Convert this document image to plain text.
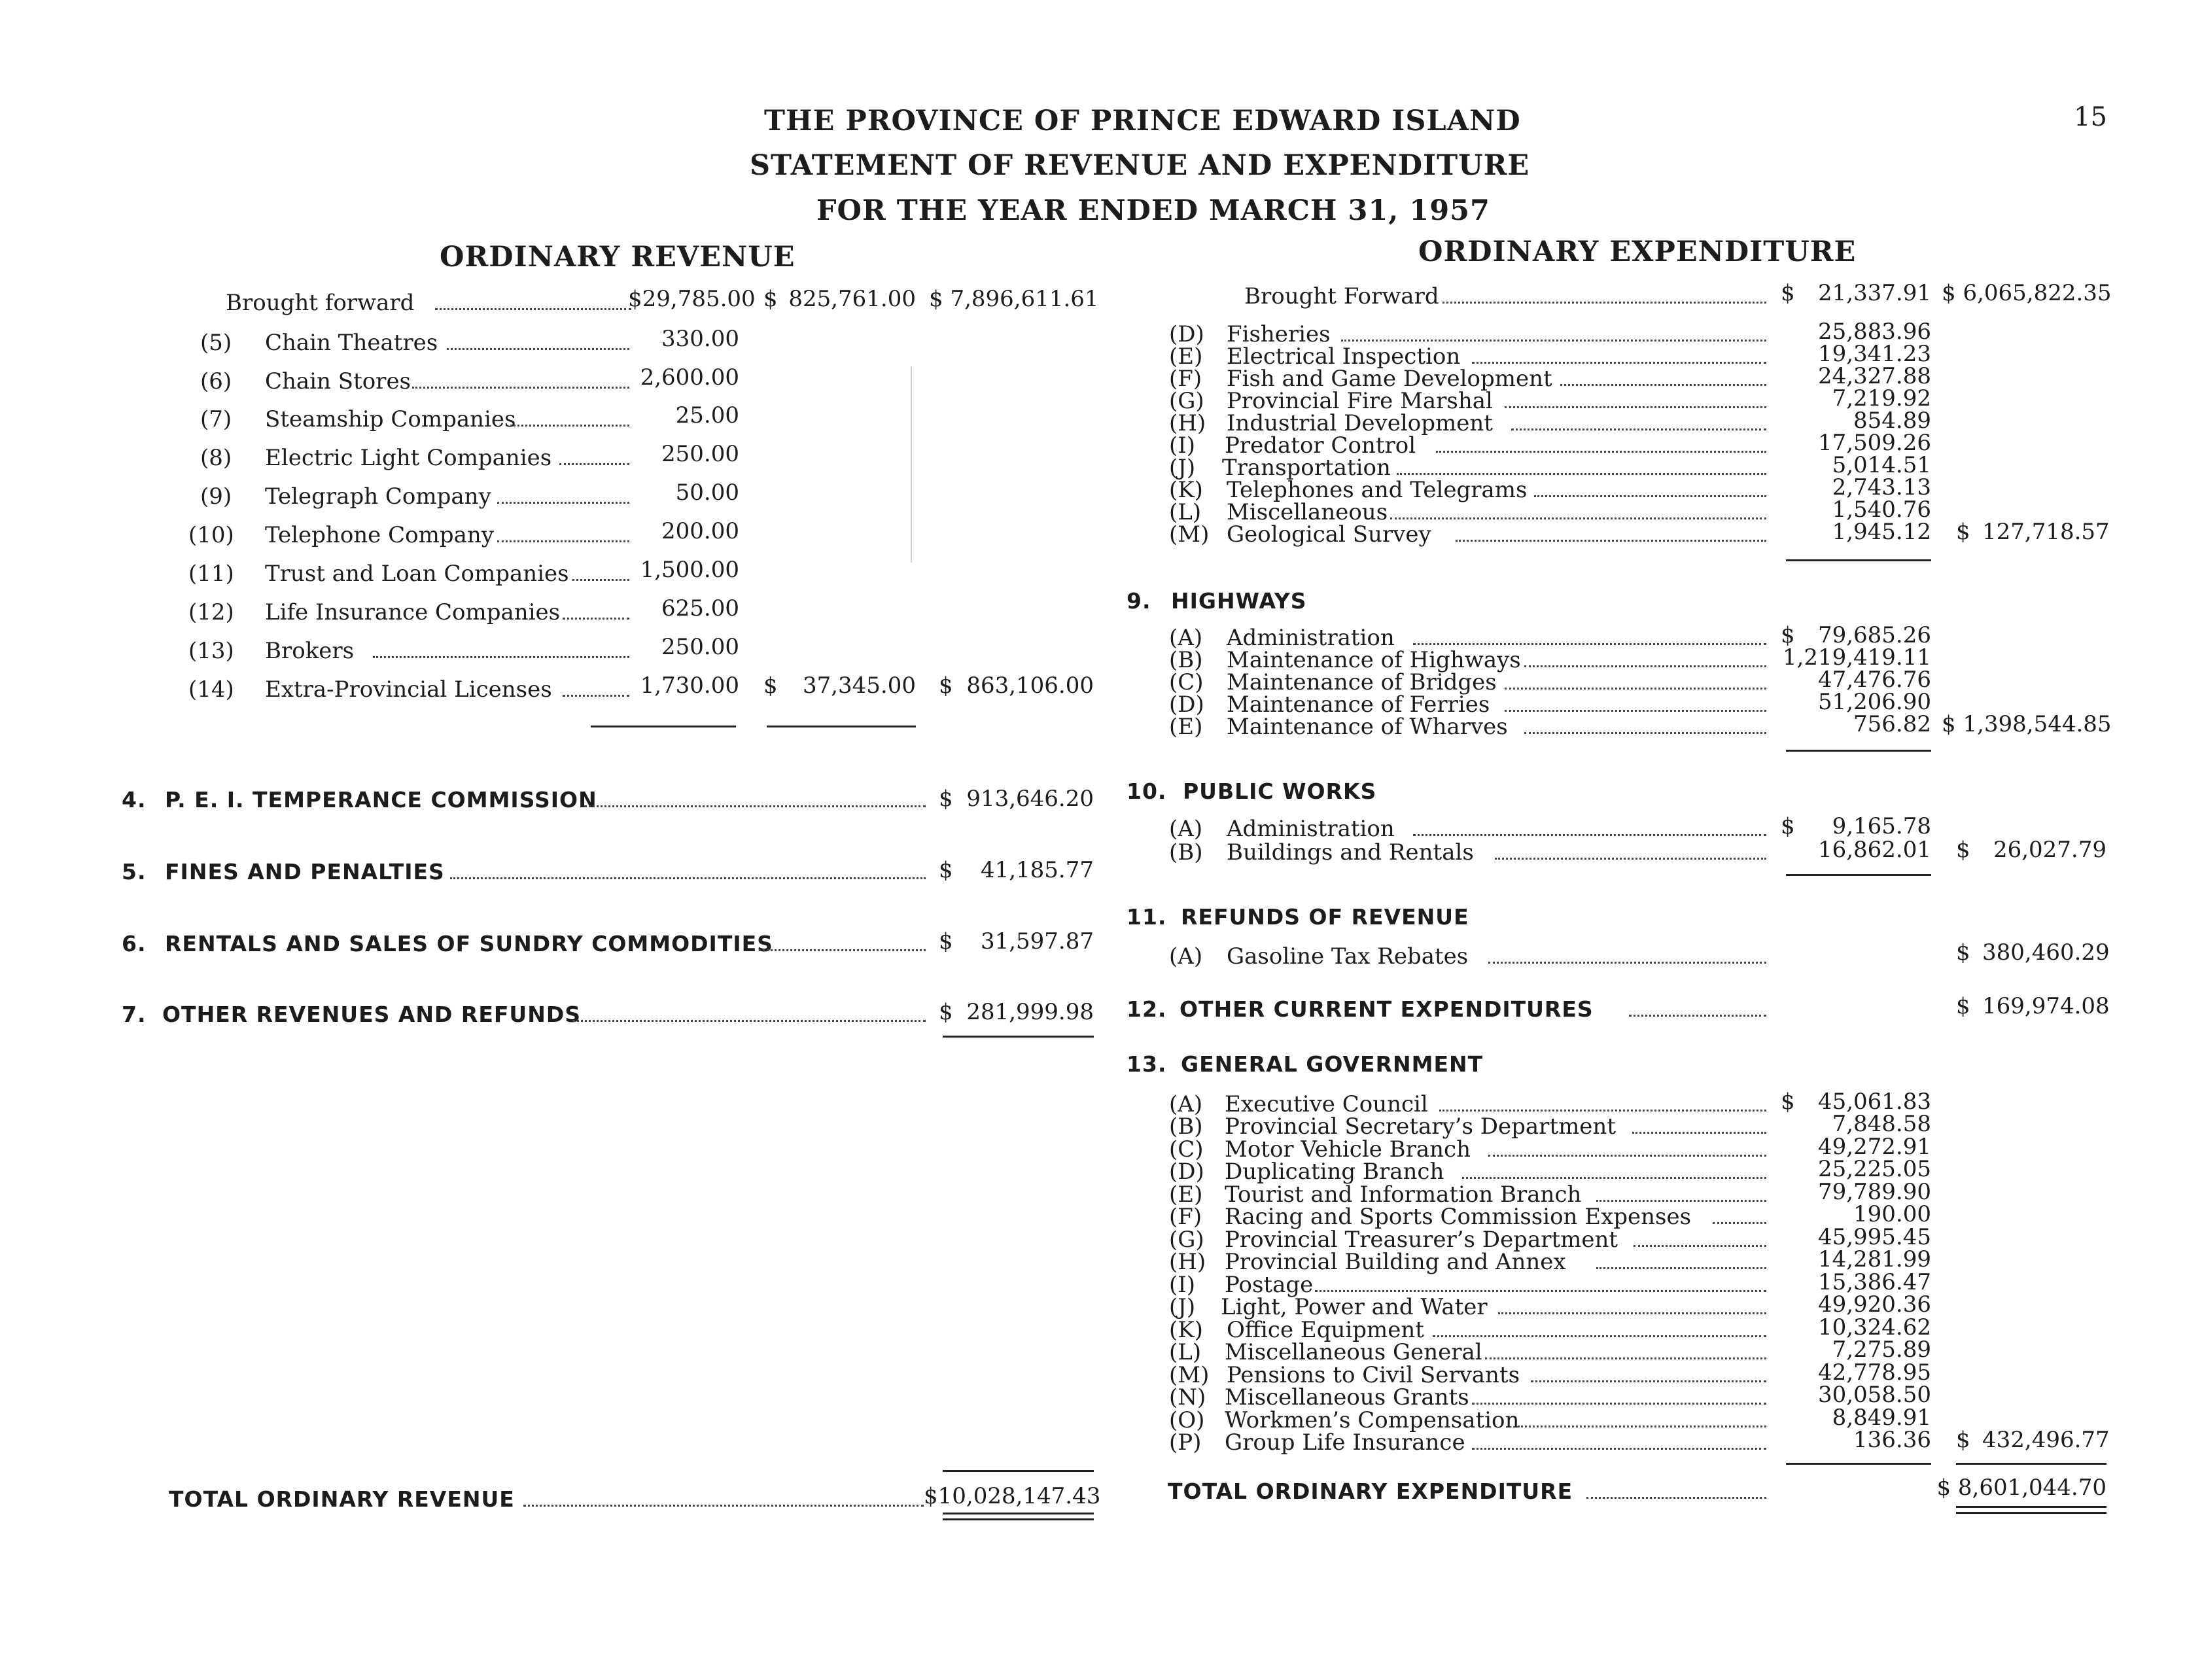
15
THE PROVINCE OF PRINCE EDWARD ISLAND
STATEMENT OF REVENUE AND EXPENDITURE
FOR THE YEAR ENDED MARCH 31, 1957
ORDINARY REVENUE
Brought forward	$29,785.00 $ 825,761.00 $ 7,896,611.61
(5) Chain Theatres	330.00
(6) Chain Stores	2,600.00
(7) Steamship Companies	25.00
(8) Electric Light Companies	250.00
(9) Telegraph Company	50.00
(10) Telephone Company	200.00
(11) Trust and Loan Companies	1,500.00
(12) Life Insurance Companies	625.00
(13) Brokers	250.00
(14) Extra-Provincial Licenses	1,730.00 $	37,345.00 $ 863,106.00
4. P. E. I. TEMPERANCE COMMISSION	$ 913,646.20
5. FINES AND PENALTIES	$	41,185.77
6. RENTALS AND SALES OF SUNDRY COMMODITIES	$	31,597.87
7. OTHER REVENUES AND REFUNDS	$ 281,999.98
TOTAL ORDINARY REVENUE	$10,028,147.43
ORDINARY EXPENDITURE
Brought Forward	$	21,337.91 $ 6,065,822.35
(D) Fisheries	25,883.96
(E) Electrical Inspection	19,341.23
(F) Fish and Game Development	24,327.88
(G) Provincial Fire Marshal	7,219.92
(H) Industrial Development	854.89
(I) Predator Control	17,509.26
(J) Transportation	5,014.51
(K) Telephones and Telegrams	2,743.13
(L) Miscellaneous	1,540.76
(M) Geological Survey	1,945.12 $ 127,718.57
9. HIGHWAYS
(A) Administration	$	79,685.26
(B) Maintenance of Highways	1,219,419.11
(C) Maintenance of Bridges	47,476.76
(D) Maintenance of Ferries	51,206.90
(E) Maintenance of Wharves	756.82 $ 1,398,544.85
10. PUBLIC WORKS
(A) Administration	$	9,165.78
(B) Buildings and Rentals	16,862.01 $	26,027.79
11. REFUNDS OF REVENUE
(A) Gasoline Tax Rebates	$ 380,460.29
12. OTHER CURRENT EXPENDITURES	$ 169,974.08
13. GENERAL GOVERNMENT
(A) Executive Council	$	45,061.83
(B) Provincial Secretary’s Department	7,848.58
(C) Motor Vehicle Branch	49,272.91
(D) Duplicating Branch	25,225.05
(E) Tourist and Information Branch	79,789.90
(F) Racing and Sports Commission Expenses	190.00
(G) Provincial Treasurer’s Department	45,995.45
(H) Provincial Building and Annex	14,281.99
(I) Postage	15,386.47
(J) Light, Power and Water	49,920.36
(K) Office Equipment	10,324.62
(L) Miscellaneous General	7,275.89
(M) Pensions to Civil Servants	42,778.95
(N) Miscellaneous Grants	30,058.50
(O) Workmen’s Compensation	8,849.91
(P) Group Life Insurance	136.36 $ 432,496.77
TOTAL ORDINARY EXPENDITURE	$ 8,601,044.70
